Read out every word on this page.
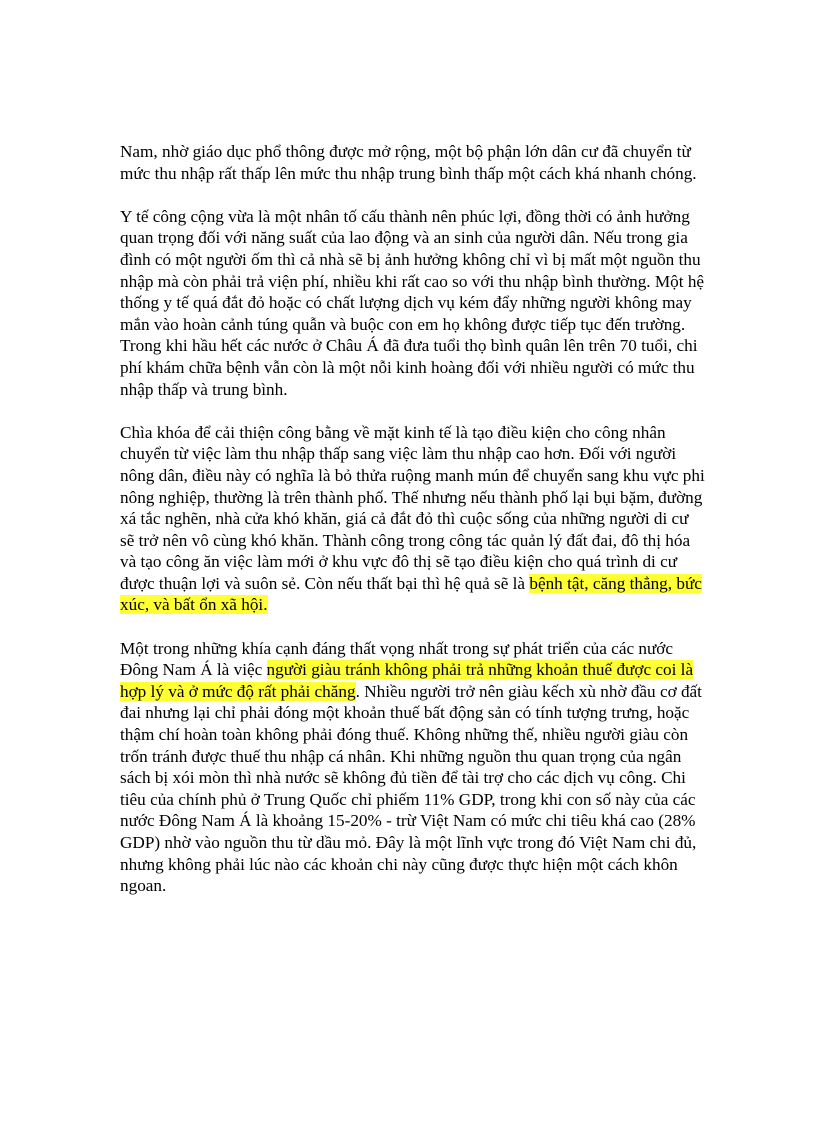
Nam, nhờ giáo dục phổ thông được mở rộng, một bộ phận lớn dân cư đã chuyển từ mức thu nhập rất thấp lên mức thu nhập trung bình thấp một cách khá nhanh chóng.

Y tế công cộng vừa là một nhân tố cấu thành nên phúc lợi, đồng thời có ảnh hưởng quan trọng đối với năng suất của lao động và an sinh của người dân. Nếu trong gia đình có một người ốm thì cả nhà sẽ bị ảnh hưởng không chỉ vì bị mất một nguồn thu nhập mà còn phải trả viện phí, nhiều khi rất cao so với thu nhập bình thường. Một hệ thống y tế quá đắt đỏ hoặc có chất lượng dịch vụ kém đẩy những người không may mắn vào hoàn cảnh túng quẫn và buộc con em họ không được tiếp tục đến trường. Trong khi hầu hết các nước ở Châu Á đã đưa tuổi thọ bình quân lên trên 70 tuổi, chi phí khám chữa bệnh vẫn còn là một nỗi kinh hoàng đối với nhiều người có mức thu nhập thấp và trung bình.

Chìa khóa để cải thiện công bằng về mặt kinh tế là tạo điều kiện cho công nhân chuyển từ việc làm thu nhập thấp sang việc làm thu nhập cao hơn. Đối với người nông dân, điều này có nghĩa là bỏ thửa ruộng manh mún để chuyển sang khu vực phi nông nghiệp, thường là trên thành phố. Thế nhưng nếu thành phố lại bụi bặm, đường xá tắc nghẽn, nhà cửa khó khăn, giá cả đắt đỏ thì cuộc sống của những người di cư sẽ trở nên vô cùng khó khăn. Thành công trong công tác quản lý đất đai, đô thị hóa và tạo công ăn việc làm mới ở khu vực đô thị sẽ tạo điều kiện cho quá trình di cư được thuận lợi và suôn sẻ. Còn nếu thất bại thì hệ quả sẽ là bệnh tật, căng thẳng, bức xúc, và bất ổn xã hội.

Một trong những khía cạnh đáng thất vọng nhất trong sự phát triển của các nước Đông Nam Á là việc người giàu tránh không phải trả những khoản thuế được coi là hợp lý và ở mức độ rất phải chăng. Nhiều người trở nên giàu kếch xù nhờ đầu cơ đất đai nhưng lại chỉ phải đóng một khoản thuế bất động sản có tính tượng trưng, hoặc thậm chí hoàn toàn không phải đóng thuế. Không những thế, nhiều người giàu còn trốn tránh được thuế thu nhập cá nhân. Khi những nguồn thu quan trọng của ngân sách bị xói mòn thì nhà nước sẽ không đủ tiền để tài trợ cho các dịch vụ công. Chi tiêu của chính phủ ở Trung Quốc chỉ phiếm 11% GDP, trong khi con số này của các nước Đông Nam Á là khoảng 15-20% - trừ Việt Nam có mức chi tiêu khá cao (28% GDP) nhờ vào nguồn thu từ dầu mỏ. Đây là một lĩnh vực trong đó Việt Nam chi đủ, nhưng không phải lúc nào các khoản chi này cũng được thực hiện một cách khôn ngoan.
